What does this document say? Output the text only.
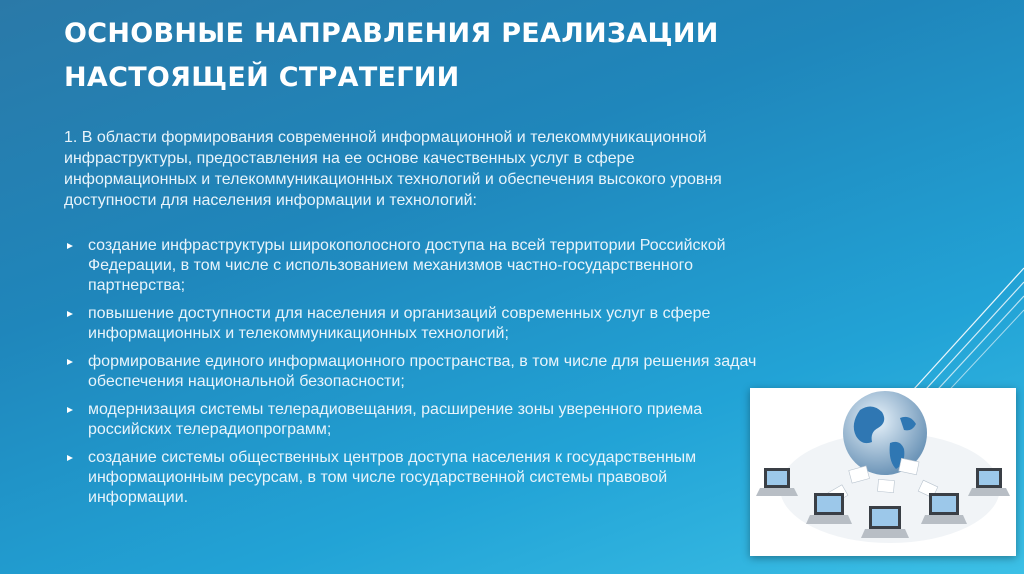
ОСНОВНЫЕ НАПРАВЛЕНИЯ РЕАЛИЗАЦИИ НАСТОЯЩЕЙ СТРАТЕГИИ
1. В области формирования современной информационной и телекоммуникационной инфраструктуры, предоставления на ее основе качественных услуг в сфере информационных и телекоммуникационных технологий и обеспечения высокого уровня доступности для населения информации и технологий:
создание инфраструктуры широкополосного доступа на всей территории Российской Федерации, в том числе с использованием механизмов частно-государственного партнерства;
повышение доступности для населения и организаций современных услуг в сфере информационных и телекоммуникационных технологий;
формирование единого информационного пространства, в том числе для решения задач обеспечения национальной безопасности;
модернизация системы телерадиовещания, расширение зоны уверенного приема российских телерадиопрограмм;
создание системы общественных центров доступа населения к государственным информационным ресурсам, в том числе государственной системы правовой информации.
